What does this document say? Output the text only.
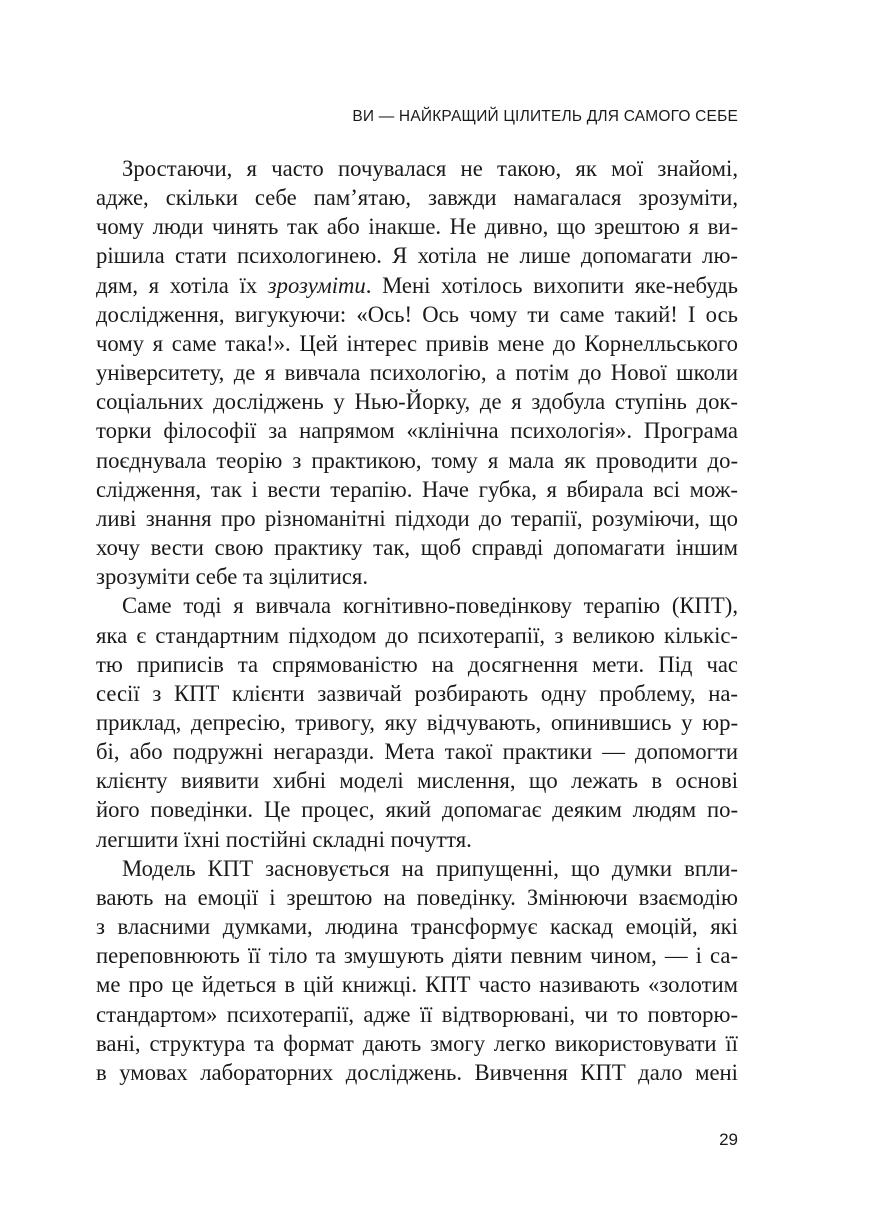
ВИ — НАЙКРАЩИЙ ЦІЛИТЕЛЬ ДЛЯ САМОГО СЕБЕ
Зростаючи, я часто почувалася не такою, як мої знайомі,
адже, скільки себе пам’ятаю, завжди намагалася зрозуміти,
чому люди чинять так або інакше. Не дивно, що зрештою я ви-
рішила стати психологинею. Я хотіла не лише допомагати лю-
дям, я хотіла їх зрозуміти. Мені хотілось вихопити яке-небудь
дослідження, вигукуючи: «Ось! Ось чому ти саме такий! І ось
чому я саме така!». Цей інтерес привів мене до Корнелльського
університету, де я вивчала психологію, а потім до Нової школи
соціальних досліджень у Нью-Йорку, де я здобула ступінь док-
торки філософії за напрямом «клінічна психологія». Програма
поєднувала теорію з практикою, тому я мала як проводити до-
слідження, так і вести терапію. Наче губка, я вбирала всі мож-
ливі знання про різноманітні підходи до терапії, розуміючи, що
хочу вести свою практику так, щоб справді допомагати іншим
зрозуміти себе та зцілитися.
Саме тоді я вивчала когнітивно-поведінкову терапію (КПТ),
яка є стандартним підходом до психотерапії, з великою кількіс-
тю приписів та спрямованістю на досягнення мети. Під час
сесії з КПТ клієнти зазвичай розбирають одну проблему, на-
приклад, депресію, тривогу, яку відчувають, опинившись у юр-
бі, або подружні негаразди. Мета такої практики — допомогти
клієнту виявити хибні моделі мислення, що лежать в основі
його поведінки. Це процес, який допомагає деяким людям по-
легшити їхні постійні складні почуття.
Модель КПТ засновується на припущенні, що думки впли-
вають на емоції і зрештою на поведінку. Змінюючи взаємодію
з власними думками, людина трансформує каскад емоцій, які
переповнюють її тіло та змушують діяти певним чином, — і са-
ме про це йдеться в цій книжці. КПТ часто називають «золотим
стандартом» психотерапії, адже її відтворювані, чи то повторю-
вані, структура та формат дають змогу легко використовувати її
в умовах лабораторних досліджень. Вивчення КПТ дало мені
29
